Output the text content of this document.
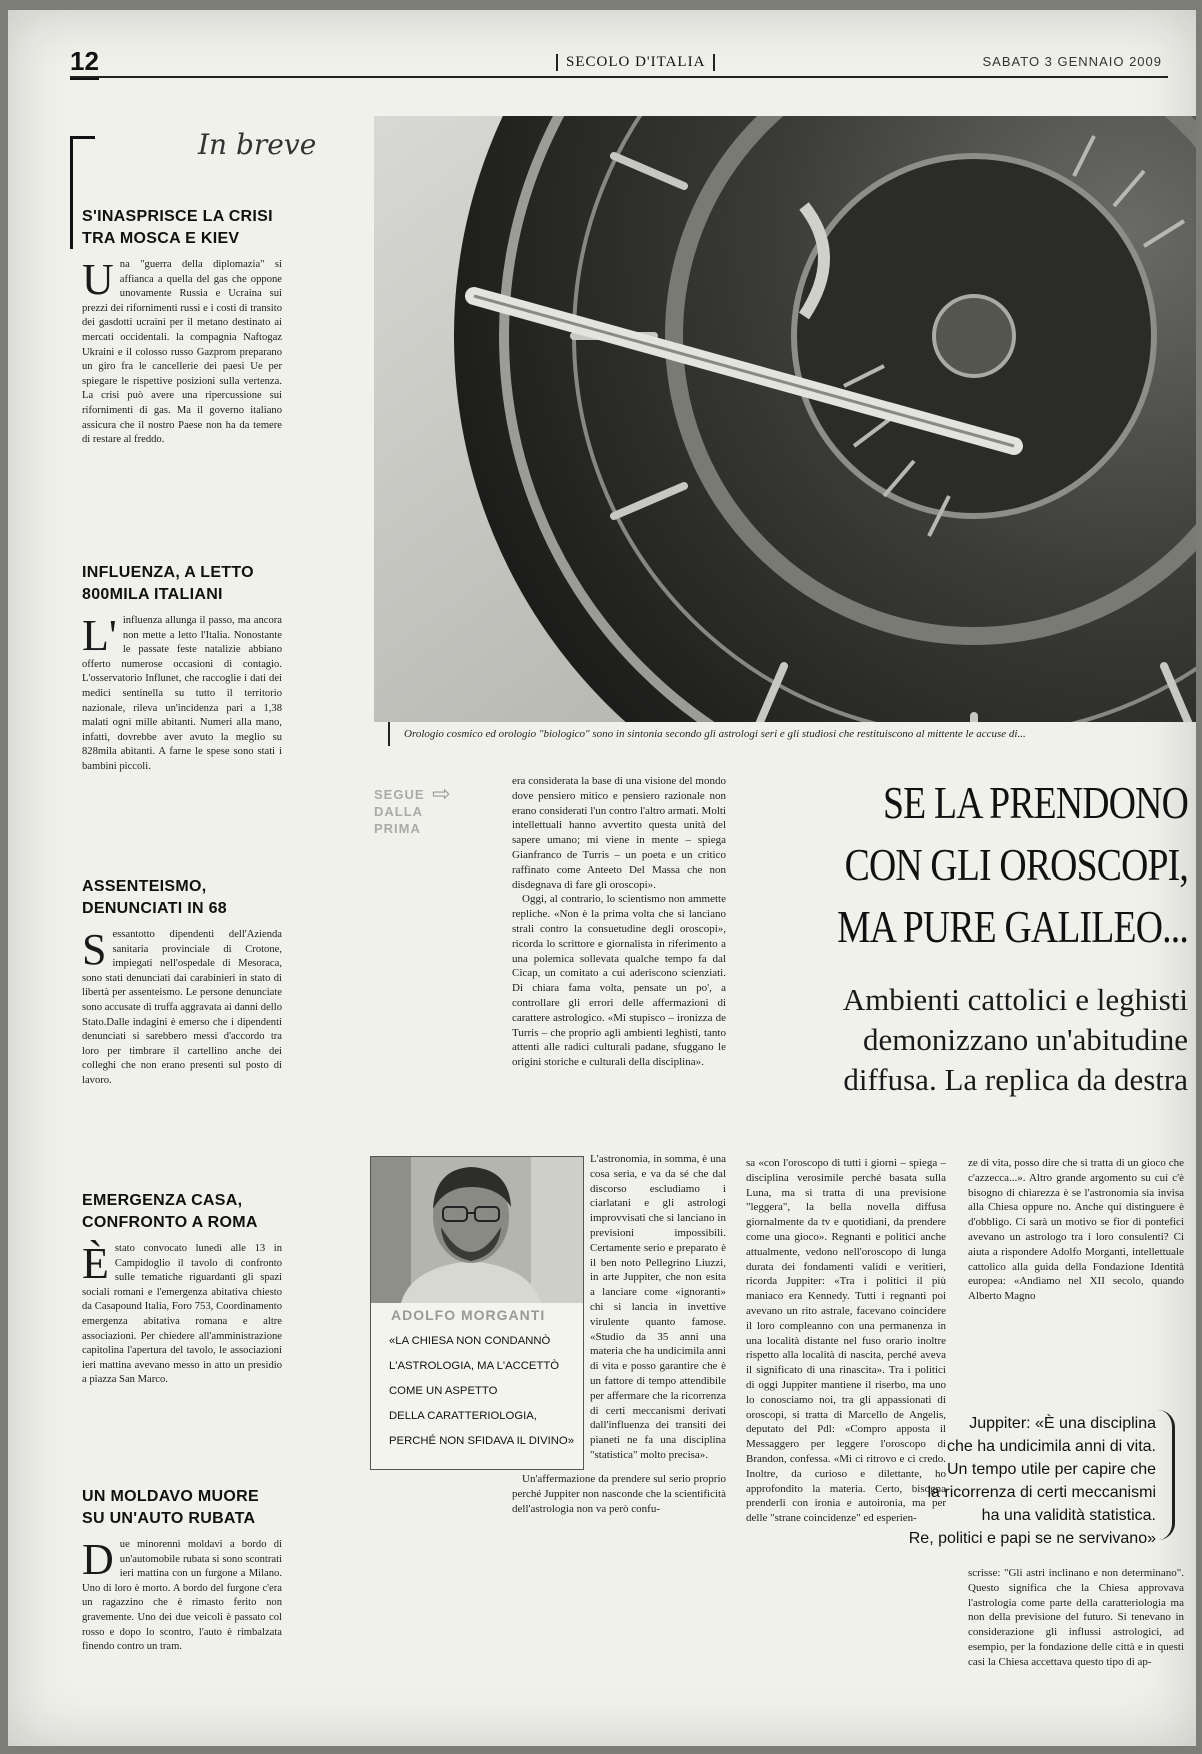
12	SECOLO D'ITALIA	SABATO 3 GENNAIO 2009
In breve
S'INASPRISCE LA CRISI TRA MOSCA E KIEV

Una "guerra della diplomazia" si affianca a quella del gas che oppone unovamente Russia e Ucraina sui prezzi dei rifornimenti russi e i costi di transito dei gasdotti ucraini per il metano destinato ai mercati occidentali. la compagnia Naftogaz Ukraini e il colosso russo Gazprom preparano un giro fra le cancellerie dei paesi Ue per spiegare le rispettive posizioni sulla vertenza. La crisi può avere una ripercussione sui rifornimenti di gas. Ma il governo italiano assicura che il nostro Paese non ha da temere di restare al freddo.

INFLUENZA, A LETTO 800MILA ITALIANI

L'influenza allunga il passo, ma ancora non mette a letto l'Italia. Nonostante le passate feste natalizie abbiano offerto numerose occasioni di contagio. L'osservatorio Influnet, che raccoglie i dati dei medici sentinella su tutto il territorio nazionale, rileva un'incidenza pari a 1,38 malati ogni mille abitanti. Numeri alla mano, infatti, dovrebbe aver avuto la meglio su 828mila abitanti. A farne le spese sono stati i bambini piccoli.

ASSENTEISMO, DENUNCIATI IN 68

Sessantotto dipendenti dell'Azienda sanitaria provinciale di Crotone, impiegati nell'ospedale di Mesoraca, sono stati denunciati dai carabinieri in stato di libertà per assenteismo. Le persone denunciate sono accusate di truffa aggravata ai danni dello Stato.Dalle indagini è emerso che i dipendenti denunciati si sarebbero messi d'accordo tra loro per timbrare il cartellino anche dei colleghi che non erano presenti sul posto di lavoro.

EMERGENZA CASA, CONFRONTO A ROMA

Èstato convocato lunedì alle 13 in Campidoglio il tavolo di confronto sulle tematiche riguardanti gli spazi sociali romani e l'emergenza abitativa chiesto da Casapound Italia, Foro 753, Coordinamento emergenza abitativa romana e altre associazioni. Per chiedere all'amministrazione capitolina l'apertura del tavolo, le associazioni ieri mattina avevano messo in atto un presidio a piazza San Marco.

UN MOLDAVO MUORE SU UN'AUTO RUBATA

Due minorenni moldavi a bordo di un'automobile rubata si sono scontrati ieri mattina con un furgone a Milano. Uno di loro è morto. A bordo del furgone c'era un ragazzino che è rimasto ferito non gravemente. Uno dei due veicoli è passato col rosso e dopo lo scontro, l'auto è rimbalzata finendo contro un tram.

Orologio cosmico ed orologio "biologico" sono in sintonia secondo gli astrologi seri e gli studiosi che restituiscono al mittente le accuse di...
SEGUE
DALLA
PRIMA
⇨	SE LA PRENDONO
CON GLI OROSCOPI,
MA PURE GALILEO...
Ambienti cattolici e leghisti
demonizzano un'abitudine
diffusa. La replica da destra

era considerata la base di una visione del mondo dove pensiero mitico e pensiero razionale non erano considerati l'un contro l'altro armati. Molti intellettuali hanno avvertito questa unità del sapere umano; mi viene in mente – spiega Gianfranco de Turris – un poeta e un critico raffinato come Anteeto Del Massa che non disdegnava di fare gli oroscopi».

Oggi, al contrario, lo scientismo non ammette repliche. «Non è la prima volta che si lanciano strali contro la consuetudine degli oroscopi», ricorda lo scrittore e giornalista in riferimento a una polemica sollevata qualche tempo fa dal Cicap, un comitato a cui aderiscono scienziati. Di chiara fama volta, pensate un po', a controllare gli errori delle affermazioni di carattere astrologico. «Mi stupisco – ironizza de Turris – che proprio agli ambienti leghisti, tanto attenti alle radici culturali padane, sfuggano le origini storiche e culturali della disciplina».

L'astronomia, in somma, è una cosa seria, e va da sé che dal discorso escludiamo i ciarlatani e gli astrologi improvvisati che si lanciano in previsioni impossibili. Certamente serio e preparato è il ben noto Pellegrino Liuzzi, in arte Juppiter, che non esita a lanciare come «ignoranti» chi si lancia in invettive virulente quanto famose. «Studio da 35 anni una materia che ha undicimila anni di vita e posso garantire che è un fattore di tempo attendibile per affermare che la ricorrenza di certi meccanismi derivati dall'influenza dei transiti dei pianeti ne fa una disciplina "statistica" molto precisa».

Un'affermazione da prendere sul serio proprio perché Juppiter non nasconde che la scientificità dell'astrologia non va però confu-

sa «con l'oroscopo di tutti i giorni – spiega – disciplina verosimile perché basata sulla Luna, ma si tratta di una previsione "leggera", la bella novella diffusa giornalmente da tv e quotidiani, da prendere come una gioco». Regnanti e politici anche attualmente, vedono nell'oroscopo di lunga durata dei fondamenti validi e veritieri, ricorda Juppiter: «Tra i politici il più maniaco era Kennedy. Tutti i regnanti poi avevano un rito astrale, facevano coincidere il loro compleanno con una permanenza in una località distante nel fuso orario inoltre rispetto alla località di nascita, perché aveva il significato di una rinascita». Tra i politici di oggi Juppiter mantiene il riserbo, ma uno lo conosciamo noi, tra gli appassionati di oroscopi, si tratta di Marcello de Angelis, deputato del Pdl: «Compro apposta il Messaggero per leggere l'oroscopo di Brandon, confessa. «Mi ci ritrovo e ci credo. Inoltre, da curioso e dilettante, ho approfondito la materia. Certo, bisogna prenderli con ironia e autoironia, ma per delle "strane coincidenze" ed esperien-

ze di vita, posso dire che si tratta di un gioco che c'azzecca...». Altro grande argomento su cui c'è bisogno di chiarezza è se l'astronomia sia invisa alla Chiesa oppure no. Anche qui distinguere è d'obbligo. Ci sarà un motivo se fior di pontefici avevano un astrologo tra i loro consulenti? Ci aiuta a rispondere Adolfo Morganti, intellettuale cattolico alla guida della Fondazione Identità europea: «Andiamo nel XII secolo, quando Alberto Magno

scrisse: "Gli astri inclinano e non determinano". Questo significa che la Chiesa approvava l'astrologia come parte della caratteriologia ma non della previsione del futuro. Si tenevano in considerazione gli influssi astrologici, ad esempio, per la fondazione delle città e in questi casi la Chiesa accettava questo tipo di ap-

Juppiter: «È una disciplina
che ha undicimila anni di vita.
Un tempo utile per capire che
la ricorrenza di certi meccanismi
ha una validità statistica.
Re, politici e papi se ne servivano»
ADOLFO MORGANTI
«LA CHIESA NON CONDANNÒ
L'ASTROLOGIA, MA L'ACCETTÒ
COME UN ASPETTO
DELLA CARATTERIOLOGIA,
PERCHÉ NON SFIDAVA IL DIVINO»
